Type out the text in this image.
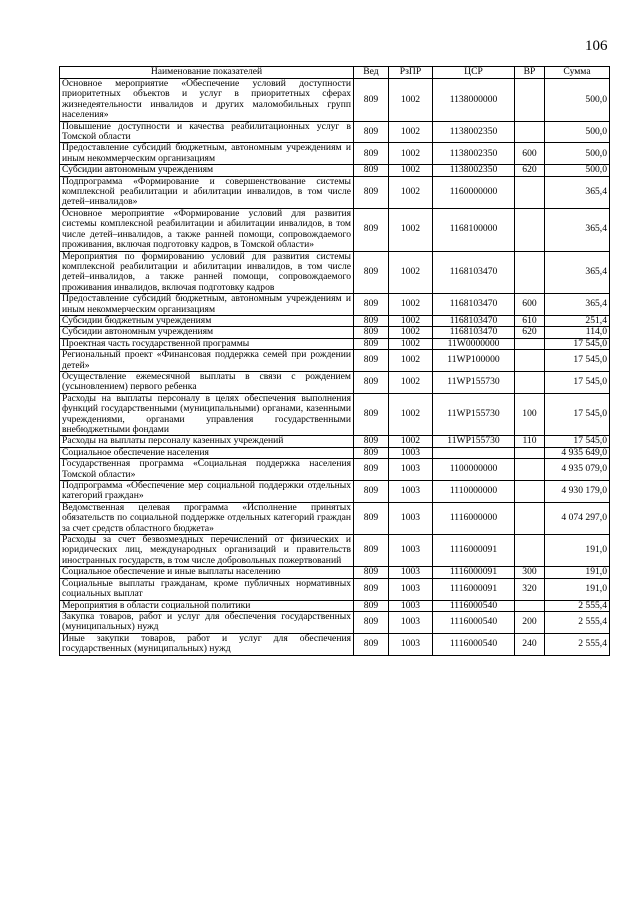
106
Наименование показателей	Вед	РзПР	ЦСР	ВР	Сумма
Основное мероприятие «Обеспечение условий доступности приоритетных объектов и услуг в приоритетных сферах жизнедеятельности инвалидов и других маломобильных групп населения»	809	1002	1138000000		500,0
Повышение доступности и качества реабилитационных услуг в Томской области	809	1002	1138002350		500,0
Предоставление субсидий бюджетным, автономным учреждениям и иным некоммерческим организациям	809	1002	1138002350	600	500,0
Субсидии автономным учреждениям	809	1002	1138002350	620	500,0
Подпрограмма «Формирование и совершенствование системы комплексной реабилитации и абилитации инвалидов, в том числе детей–инвалидов»	809	1002	1160000000		365,4
Основное мероприятие «Формирование условий для развития системы комплексной реабилитации и абилитации инвалидов, в том числе детей–инвалидов, а также ранней помощи, сопровождаемого проживания, включая подготовку кадров, в Томской области»	809	1002	1168100000		365,4
Мероприятия по формированию условий для развития системы комплексной реабилитации и абилитации инвалидов, в том числе детей–инвалидов, а также ранней помощи, сопровождаемого проживания инвалидов, включая подготовку кадров	809	1002	1168103470		365,4
Предоставление субсидий бюджетным, автономным учреждениям и иным некоммерческим организациям	809	1002	1168103470	600	365,4
Субсидии бюджетным учреждениям	809	1002	1168103470	610	251,4
Субсидии автономным учреждениям	809	1002	1168103470	620	114,0
Проектная часть государственной программы	809	1002	11W0000000		17 545,0
Региональный проект «Финансовая поддержка семей при рождении детей»	809	1002	11WP100000		17 545,0
Осуществление ежемесячной выплаты в связи с рождением (усыновлением) первого ребенка	809	1002	11WP155730		17 545,0
Расходы на выплаты персоналу в целях обеспечения выполнения функций государственными (муниципальными) органами, казенными учреждениями, органами управления государственными внебюджетными фондами	809	1002	11WP155730	100	17 545,0
Расходы на выплаты персоналу казенных учреждений	809	1002	11WP155730	110	17 545,0
Социальное обеспечение населения	809	1003			4 935 649,0
Государственная программа «Социальная поддержка населения Томской области»	809	1003	1100000000		4 935 079,0
Подпрограмма «Обеспечение мер социальной поддержки отдельных категорий граждан»	809	1003	1110000000		4 930 179,0
Ведомственная целевая программа «Исполнение принятых обязательств по социальной поддержке отдельных категорий граждан за счет средств областного бюджета»	809	1003	1116000000		4 074 297,0
Расходы за счет безвозмездных перечислений от физических и юридических лиц, международных организаций и правительств иностранных государств, в том числе добровольных пожертвований	809	1003	1116000091		191,0
Социальное обеспечение и иные выплаты населению	809	1003	1116000091	300	191,0
Социальные выплаты гражданам, кроме публичных нормативных социальных выплат	809	1003	1116000091	320	191,0
Мероприятия в области социальной политики	809	1003	1116000540		2 555,4
Закупка товаров, работ и услуг для обеспечения государственных (муниципальных) нужд	809	1003	1116000540	200	2 555,4
Иные закупки товаров, работ и услуг для обеспечения государственных (муниципальных) нужд	809	1003	1116000540	240	2 555,4
